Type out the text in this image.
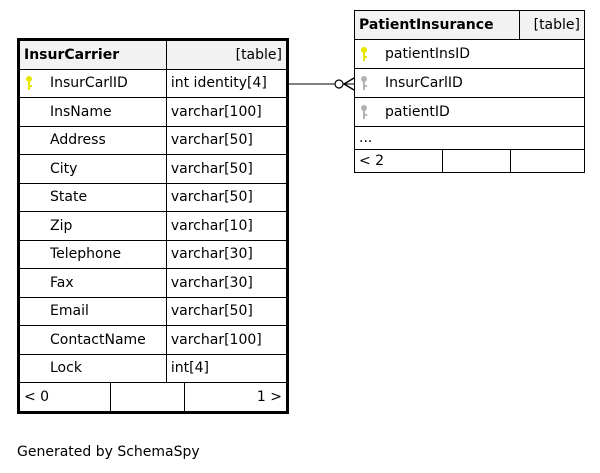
InsurCarrier	[table]
	InsurCarlID	int identity[4]
	InsName	varchar[100]
	Address	varchar[50]
	City	varchar[50]
	State	varchar[50]
	Zip	varchar[10]
	Telephone	varchar[30]
	Fax	varchar[30]
	Email	varchar[50]
	ContactName	varchar[100]
	Lock	int[4]

< 0		1 >
PatientInsurance	[table]
	patientInsID
	InsurCarlID
	patientID
...

< 2		
Generated by SchemaSpy
